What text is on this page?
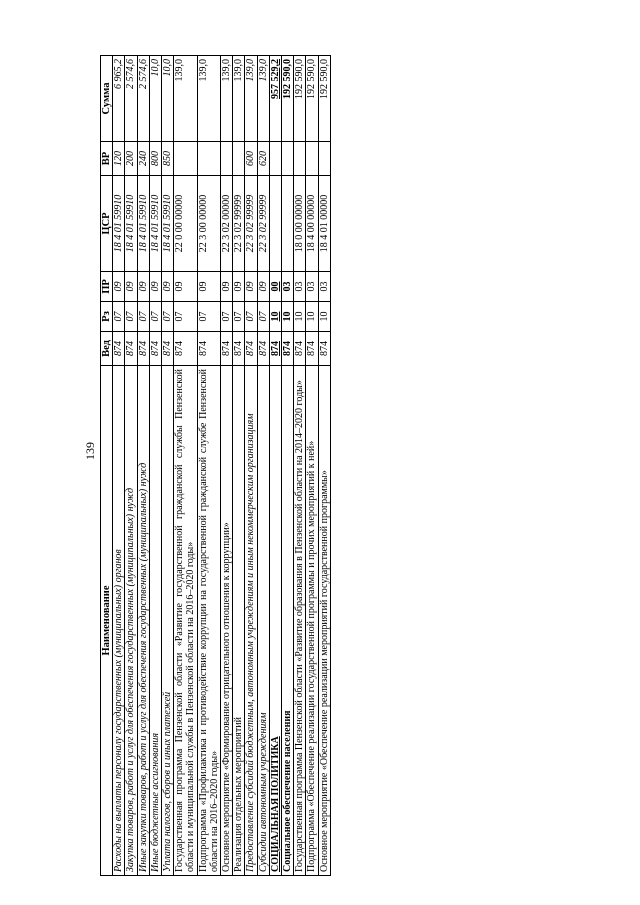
139
Наименование	Вед	Рз	ПР	ЦСР	ВР	Сумма
Расходы на выплаты персоналу государственных (муниципальных) органов	874	07	09	18 4 01 59910	120	6 965,2
Закупка товаров, работ и услуг для обеспечения государственных (муниципальных) нужд	874	07	09	18 4 01 59910	200	2 574,6
Иные закупки товаров, работ и услуг для обеспечения государственных (муниципальных) нужд	874	07	09	18 4 01 59910	240	2 574,6
Иные бюджетные ассигнования	874	07	09	18 4 01 59910	800	10,0
Уплата налогов, сборов и иных платежей	874	07	09	18 4 01 59910	850	10,0
Государственная программа Пензенской области «Развитие государственной гражданской службы Пензенской области и муниципальной службы в Пензенской области на 2016–2020 годы»	874	07	09	22 0 00 00000		139,0
Подпрограмма «Профилактика и противодействие коррупции на государственной гражданской службе Пензенской области на 2016–2020 годы»	874	07	09	22 3 00 00000		139,0
Основное мероприятие «Формирование отрицательного отношения к коррупции»	874	07	09	22 3 02 00000		139,0
Реализация отдельных мероприятий	874	07	09	22 3 02 99999		139,0
Предоставление субсидий бюджетным, автономным учреждениям и иным некоммерческим организациям	874	07	09	22 3 02 99999	600	139,0
Субсидии автономным учреждениям	874	07	09	22 3 02 99999	620	139,0
СОЦИАЛЬНАЯ ПОЛИТИКА	874	10	00			957 529,2
Социальное обеспечение населения	874	10	03			192 590,0
Государственная программа Пензенской области «Развитие образования в Пензенской области на 2014–2020 годы»	874	10	03	18 0 00 00000		192 590,0
Подпрограмма «Обеспечение реализации государственной программы и прочих мероприятий к ней»	874	10	03	18 4 00 00000		192 590,0
Основное мероприятие «Обеспечение реализации мероприятий государственной программы»	874	10	03	18 4 01 00000		192 590,0
